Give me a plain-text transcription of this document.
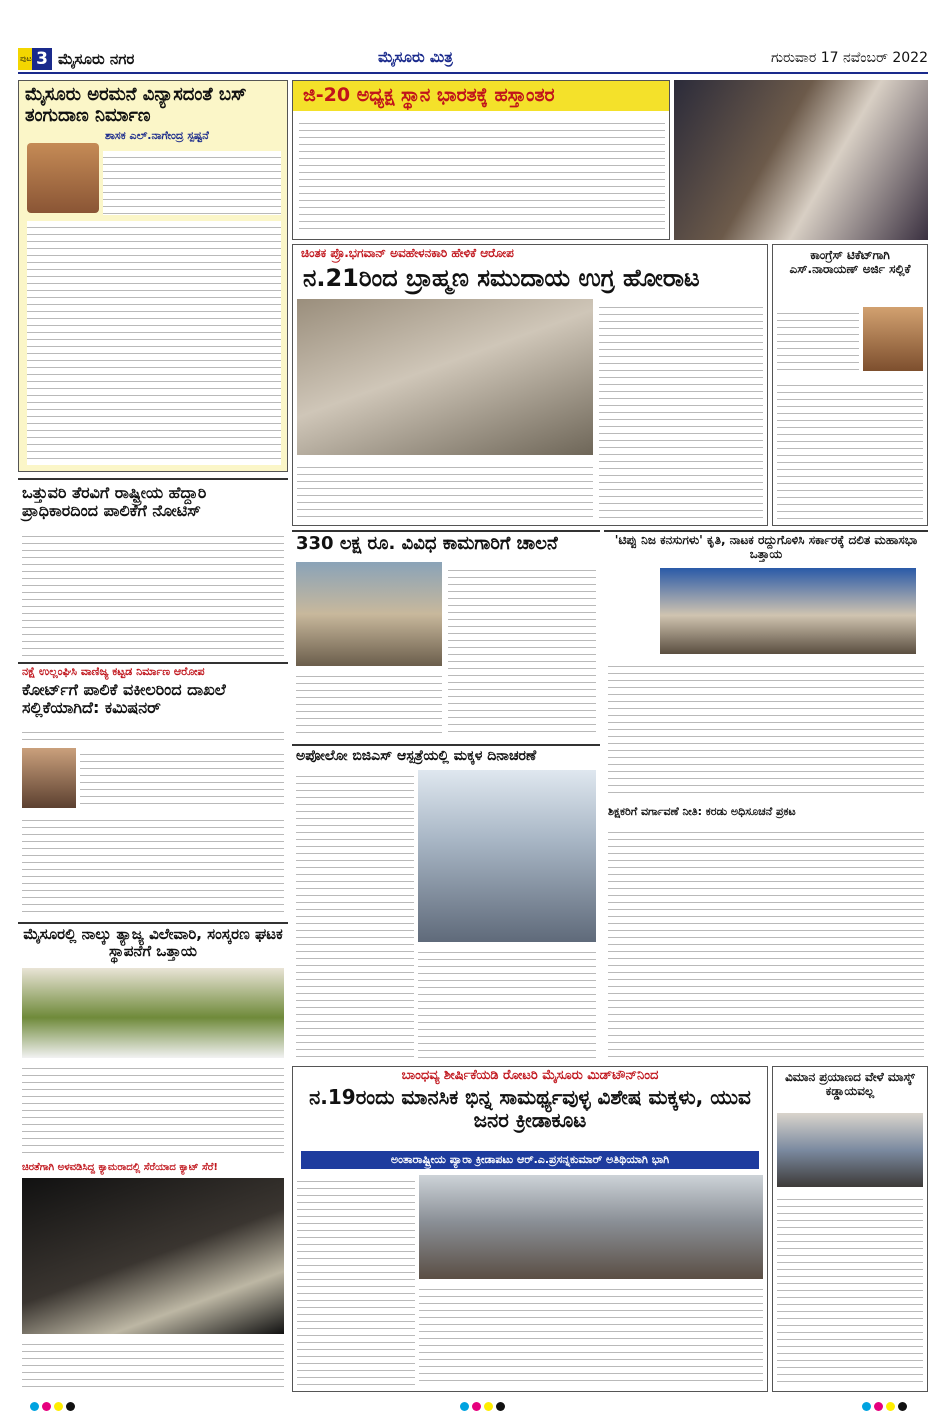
ಪುಟ 3 ಮೈಸೂರು ನಗರ	ಮೈಸೂರು ಮಿತ್ರ	ಗುರುವಾರ 17 ನವೆಂಬರ್ 2022
ಮೈಸೂರು ಅರಮನೆ ವಿನ್ಯಾಸದಂತೆ ಬಸ್ ತಂಗುದಾಣ ನಿರ್ಮಾಣ
ಶಾಸಕ ಎಲ್.ನಾಗೇಂದ್ರ ಸ್ಪಷ್ಟನೆ
ಜಿ-20 ಅಧ್ಯಕ್ಷ ಸ್ಥಾನ ಭಾರತಕ್ಕೆ ಹಸ್ತಾಂತರ
ಚಿಂತಕ ಪ್ರೊ.ಭಗವಾನ್ ಅವಹೇಳನಕಾರಿ ಹೇಳಿಕೆ ಆರೋಪ
ನ.21ರಿಂದ ಬ್ರಾಹ್ಮಣ ಸಮುದಾಯ ಉಗ್ರ ಹೋರಾಟ
ಕಾಂಗ್ರೆಸ್ ಟಿಕೆಟ್‌ಗಾಗಿ ಎಸ್.ನಾರಾಯಣ್ ಅರ್ಜಿ ಸಲ್ಲಿಕೆ
ಒತ್ತುವರಿ ತೆರವಿಗೆ ರಾಷ್ಟ್ರೀಯ ಹೆದ್ದಾರಿ ಪ್ರಾಧಿಕಾರದಿಂದ ಪಾಲಿಕೆಗೆ ನೋಟಿಸ್
330 ಲಕ್ಷ ರೂ. ವಿವಿಧ ಕಾಮಗಾರಿಗೆ ಚಾಲನೆ	'ಟಿಪ್ಪು ನಿಜ ಕನಸುಗಳು' ಕೃತಿ, ನಾಟಕ ರದ್ದುಗೊಳಿಸಿ ಸರ್ಕಾರಕ್ಕೆ ದಲಿತ ಮಹಾಸಭಾ ಒತ್ತಾಯ
ನಕ್ಷೆ ಉಲ್ಲಂಘಿಸಿ ವಾಣಿಜ್ಯ ಕಟ್ಟಡ ನಿರ್ಮಾಣ ಆರೋಪ
ಕೋರ್ಟ್‌ಗೆ ಪಾಲಿಕೆ ವಕೀಲರಿಂದ ದಾಖಲೆ ಸಲ್ಲಿಕೆಯಾಗಿದೆ: ಕಮಿಷನರ್
ಅಪೋಲೋ ಬಿಜಿಎಸ್ ಆಸ್ಪತ್ರೆಯಲ್ಲಿ ಮಕ್ಕಳ ದಿನಾಚರಣೆ
ಶಿಕ್ಷಕರಿಗೆ ವರ್ಗಾವಣೆ ನೀತಿ: ಕರಡು ಅಧಿಸೂಚನೆ ಪ್ರಕಟ
ಮೈಸೂರಲ್ಲಿ ನಾಲ್ಕು ತ್ಯಾಜ್ಯ ವಿಲೇವಾರಿ, ಸಂಸ್ಕರಣ ಘಟಕ ಸ್ಥಾಪನೆಗೆ ಒತ್ತಾಯ
ಚಿರತೆಗಾಗಿ ಅಳವಡಿಸಿದ್ದ ಕ್ಯಾಮರಾದಲ್ಲಿ ಸೆರೆಯಾದ ಕ್ಯಾಟ್ ಸೆರೆ!
ಬಾಂಧವ್ಯ ಶೀರ್ಷಿಕೆಯಡಿ ರೋಟರಿ ಮೈಸೂರು ಮಿಡ್‌ಟೌನ್‌ನಿಂದ
ನ.19ರಂದು ಮಾನಸಿಕ ಭಿನ್ನ ಸಾಮರ್ಥ್ಯವುಳ್ಳ ವಿಶೇಷ ಮಕ್ಕಳು, ಯುವ ಜನರ ಕ್ರೀಡಾಕೂಟ
ಅಂತಾರಾಷ್ಟ್ರೀಯ ಪ್ಯಾರಾ ಕ್ರೀಡಾಪಟು ಆರ್.ಎ.ಪ್ರಸನ್ನಕುಮಾರ್ ಅತಿಥಿಯಾಗಿ ಭಾಗಿ
ವಿಮಾನ ಪ್ರಯಾಣದ ವೇಳೆ ಮಾಸ್ಕ್ ಕಡ್ಡಾಯವಲ್ಲ
